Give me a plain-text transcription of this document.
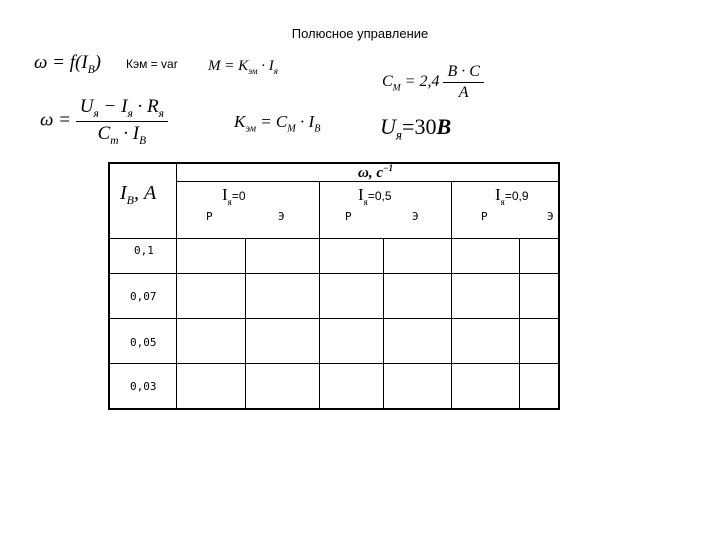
Полюсное управление
$\omega = f(I_В)$ Кэм = var $M = K_{эм} \cdot I_я$
$C_М = 2,4 \frac{B \cdot C}{A}$
$\omega = \frac{U_я - I_я \cdot R_я}{C_т \cdot I_В}$	$K_{эм} = C_М \cdot I_В$	$U_я=30В$
$I_В$, A
ω, $c^{-1}$
$I_я=0$	$I_я=0,5$	$I_я=0,9$
Р	Э	Р	Э	Р	Э
0,1
0,07
0,05
0,03
